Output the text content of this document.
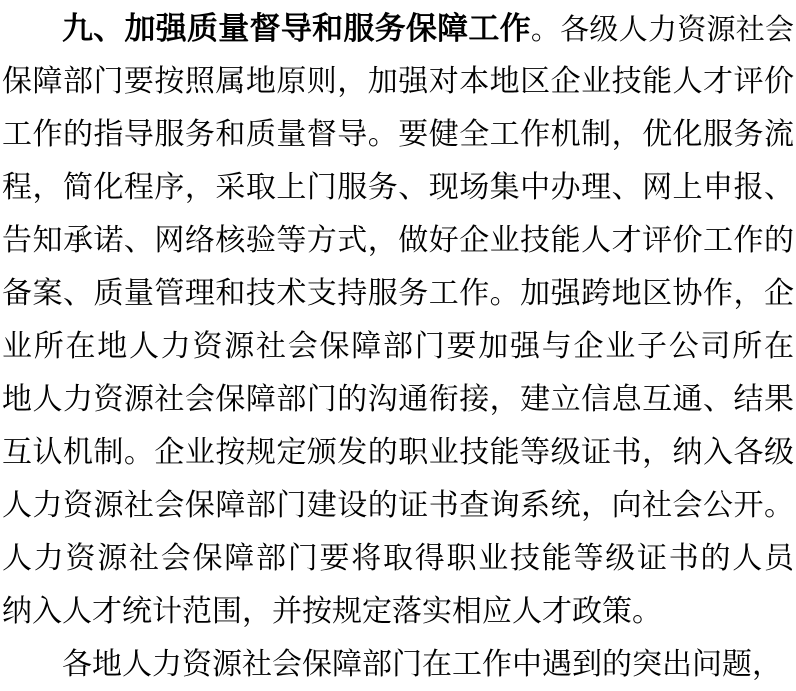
九、加强质量督导和服务保障工作。各级人力资源社会
保障部门要按照属地原则，加强对本地区企业技能人才评价
工作的指导服务和质量督导。要健全工作机制，优化服务流
程，简化程序，采取上门服务、现场集中办理、网上申报、
告知承诺、网络核验等方式，做好企业技能人才评价工作的
备案、质量管理和技术支持服务工作。加强跨地区协作，企
业所在地人力资源社会保障部门要加强与企业子公司所在
地人力资源社会保障部门的沟通衔接，建立信息互通、结果
互认机制。企业按规定颁发的职业技能等级证书，纳入各级
人力资源社会保障部门建设的证书查询系统，向社会公开。
人力资源社会保障部门要将取得职业技能等级证书的人员
纳入人才统计范围，并按规定落实相应人才政策。
各地人力资源社会保障部门在工作中遇到的突出问题，
